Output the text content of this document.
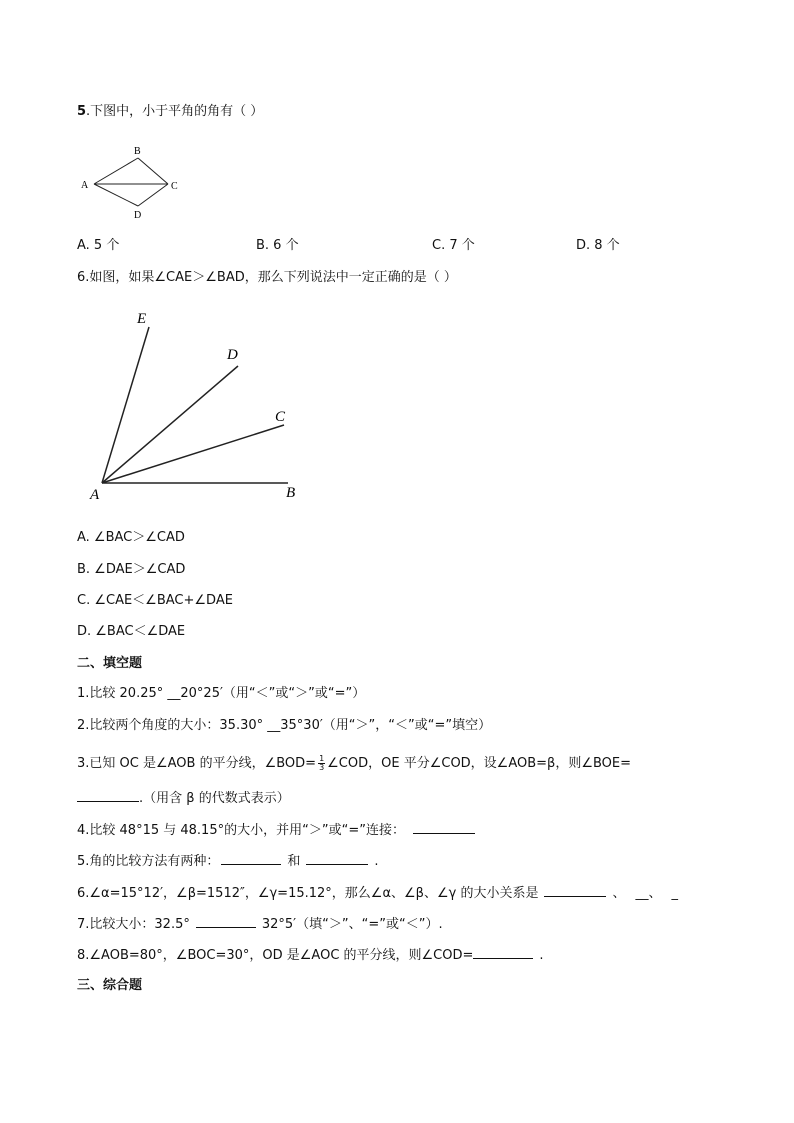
5.下图中，小于平角的角有（ ）
A
B
C
D
A. 5 个	B. 6 个	C. 7 个	D. 8 个
6.如图，如果∠CAE＞∠BAD，那么下列说法中一定正确的是（ ）
E
D
C
A	B
A. ∠BAC＞∠CAD
B. ∠DAE＞∠CAD
C. ∠CAE＜∠BAC+∠DAE
D. ∠BAC＜∠DAE
二、填空题
1.比较 20.25° __20°25′（用“＜”或“＞”或“=”）
2.比较两个角度的大小：35.30° __35°30′（用“＞”，“＜”或“=”填空）
3.已知 OC 是∠AOB 的平分线，∠BOD= $\frac{1}{3}$ ∠COD，OE 平分∠COD，设∠AOB=β，则∠BOE=
.（用含 β 的代数式表示）
4.比较 48°15 与 48.15°的大小，并用“＞”或“=”连接：
5.角的比较方法有两种：	和	.
6.∠α=15°12′，∠β=1512″，∠γ=15.12°，那么∠α、∠β、∠γ 的大小关系是	、 __、 _
7.比较大小：32.5°	32°5′（填“＞”、“=”或“＜”）.
8.∠AOB=80°，∠BOC=30°，OD 是∠AOC 的平分线，则∠COD=	.
三、综合题
